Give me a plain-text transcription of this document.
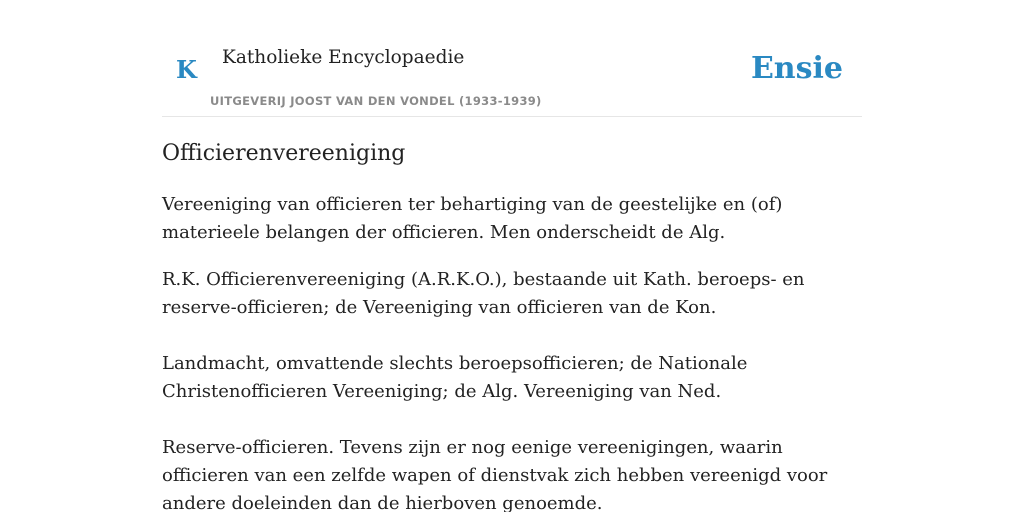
K Katholieke Encyclopaedie
UITGEVERIJ JOOST VAN DEN VONDEL (1933-1939)
Ensie
Officierenvereeniging

Vereeniging van officieren ter behartiging van de geestelijke en (of) materieele belangen der officieren. Men onderscheidt de Alg.

R.K. Officierenvereeniging (A.R.K.O.), bestaande uit Kath. beroeps- en reserve-officieren; de Vereeniging van officieren van de Kon.

Landmacht, omvattende slechts beroepsofficieren; de Nationale Christenofficieren Vereeniging; de Alg. Vereeniging van Ned.

Reserve-officieren. Tevens zijn er nog eenige vereenigingen, waarin officieren van een zelfde wapen of dienstvak zich hebben vereenigd voor andere doeleinden dan de hierboven genoemde.
